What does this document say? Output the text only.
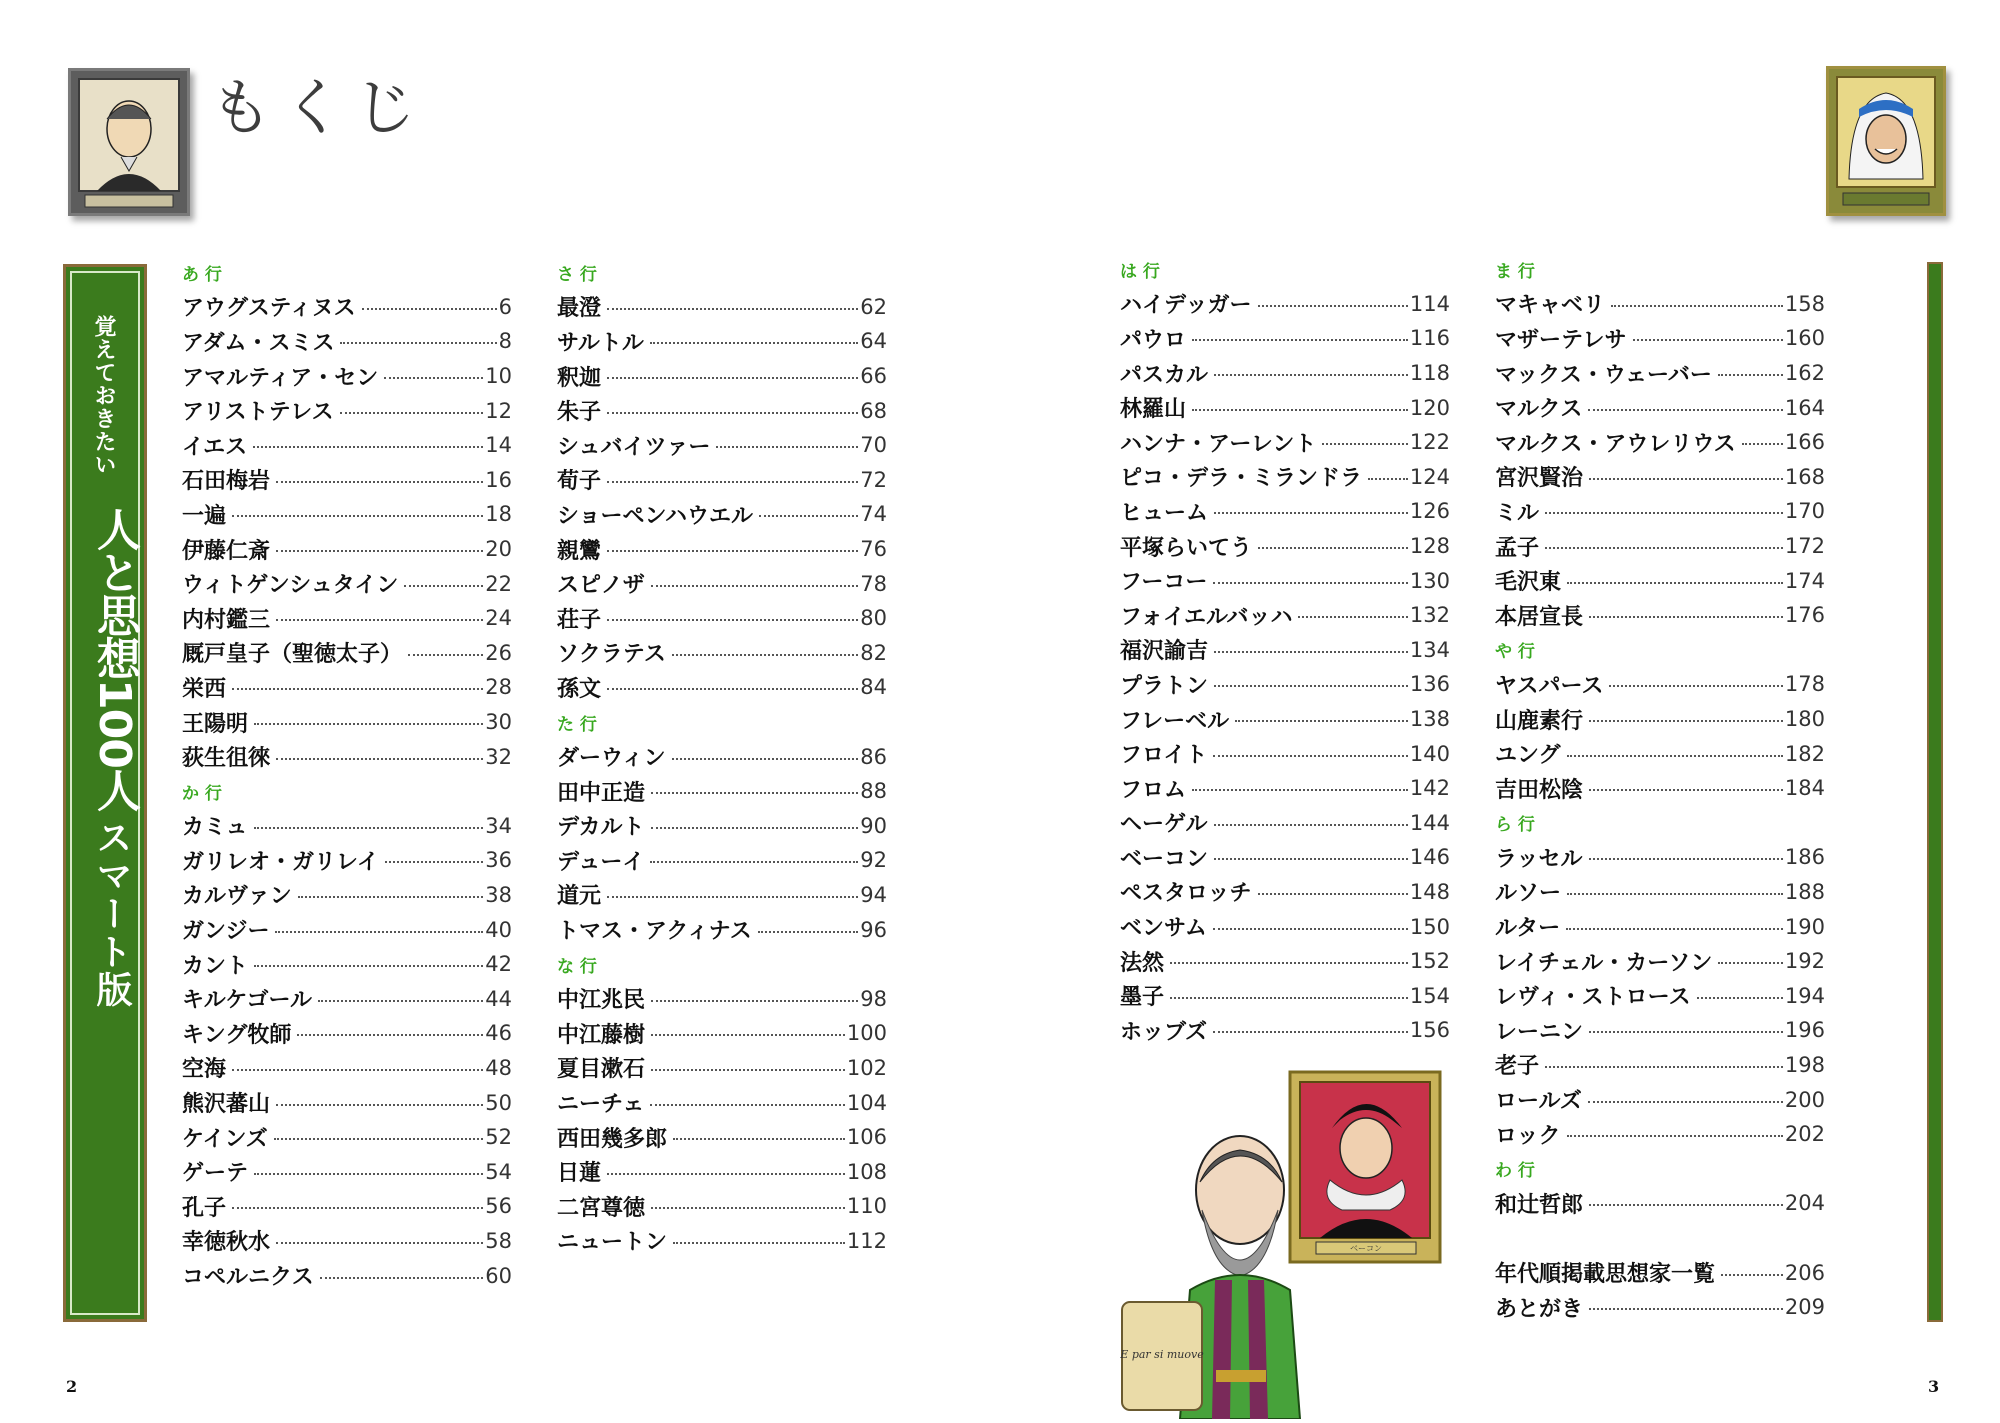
もくじ
覚えておきたい
人と思想100人
スマート版
あ 行
アウグスティヌス	6
アダム・スミス	8
アマルティア・セン	10
アリストテレス	12
イエス	14
石田梅岩	16
一遍	18
伊藤仁斎	20
ウィトゲンシュタイン	22
内村鑑三	24
厩戸皇子（聖徳太子）	26
栄西	28
王陽明	30
荻生徂徠	32
か 行
カミュ	34
ガリレオ・ガリレイ	36
カルヴァン	38
ガンジー	40
カント	42
キルケゴール	44
キング牧師	46
空海	48
熊沢蕃山	50
ケインズ	52
ゲーテ	54
孔子	56
幸徳秋水	58
コペルニクス	60
さ 行
最澄	62
サルトル	64
釈迦	66
朱子	68
シュバイツァー	70
荀子	72
ショーペンハウエル	74
親鸞	76
スピノザ	78
荘子	80
ソクラテス	82
孫文	84
た 行
ダーウィン	86
田中正造	88
デカルト	90
デューイ	92
道元	94
トマス・アクィナス	96
な 行
中江兆民	98
中江藤樹	100
夏目漱石	102
ニーチェ	104
西田幾多郎	106
日蓮	108
二宮尊徳	110
ニュートン	112
2
は 行
ハイデッガー	114
パウロ	116
パスカル	118
林羅山	120
ハンナ・アーレント	122
ピコ・デラ・ミランドラ 124
ヒューム	126
平塚らいてう	128
フーコー	130
フォイエルバッハ	132
福沢諭吉	134
プラトン	136
フレーベル	138
フロイト	140
フロム	142
ヘーゲル	144
ベーコン	146
ペスタロッチ	148
ベンサム	150
法然	152
墨子	154
ホッブズ	156
ま 行
マキャベリ	158
マザーテレサ	160
マックス・ウェーバー	162
マルクス	164
マルクス・アウレリウス 166
宮沢賢治	168
ミル	170
孟子	172
毛沢東	174
本居宣長	176
や 行
ヤスパース	178
山鹿素行	180
ユング	182
吉田松陰	184
ら 行
ラッセル	186
ルソー	188
ルター	190
レイチェル・カーソン	192
レヴィ・ストロース	194
レーニン	196
老子	198
ロールズ	200
ロック	202
わ 行
和辻哲郎	204
年代順掲載思想家一覧	206
あとがき	209
ベーコン
E par si muove
3
